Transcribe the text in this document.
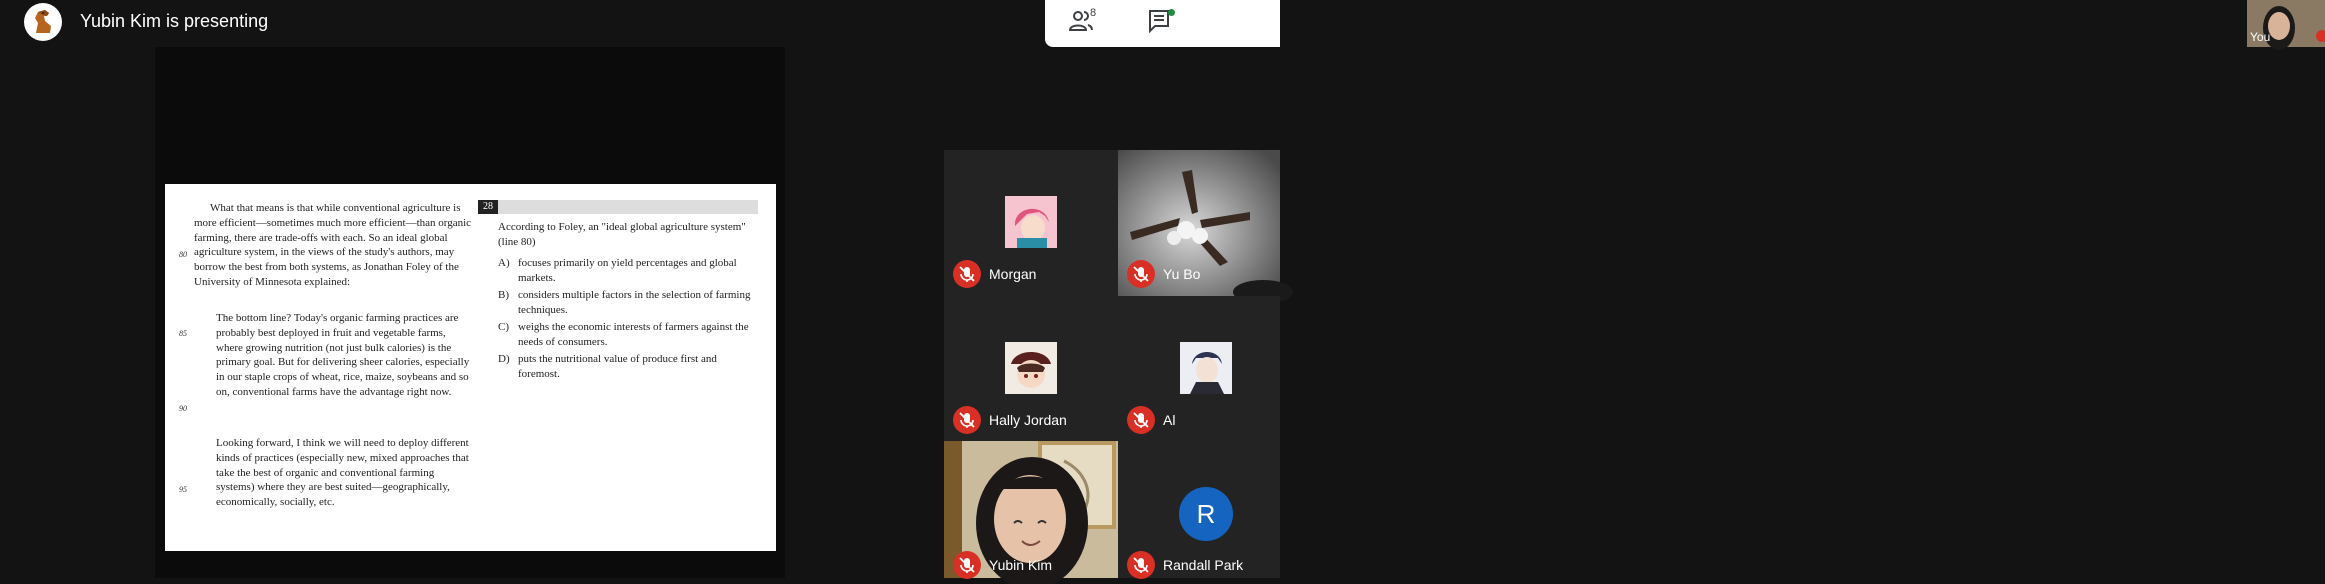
Yubin Kim is presenting	8
You

What that means is that while conventional agriculture is more efficient—sometimes much more efficient—than organic farming, there are trade-offs with each. So an ideal global agriculture system, in the views of the study's authors, may borrow the best from both systems, as Jonathan Foley of the University of Minnesota explained:

The bottom line? Today's organic farming practices are probably best deployed in fruit and vegetable farms, where growing nutrition (not just bulk calories) is the primary goal. But for delivering sheer calories, especially in our staple crops of wheat, rice, maize, soybeans and so on, conventional farms have the advantage right now.

Looking forward, I think we will need to deploy different kinds of practices (especially new, mixed approaches that take the best of organic and conventional farming systems) where they are best suited—geographically, economically, socially, etc.

80
85
90
95
28

According to Foley, an "ideal global agriculture system" (line 80)

A) focuses primarily on yield percentages and global markets.
B) considers multiple factors in the selection of farming techniques.
C) weighs the economic interests of farmers against the needs of consumers.
D) puts the nutritional value of produce first and foremost.
Morgan	Yu Bo
Hally Jordan	Al
Yubin Kim
R
Randall Park
